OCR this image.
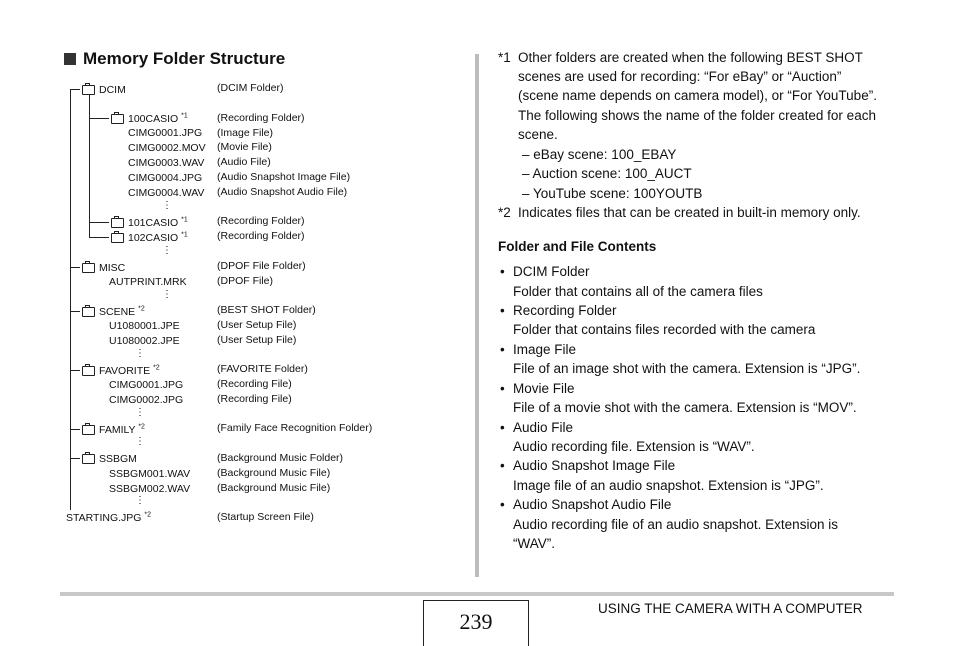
Memory Folder Structure
DCIM	(DCIM Folder)
100CASIO $^{*1}$	(Recording Folder)
CIMG0001.JPG (Image File)
CIMG0002.MOV (Movie File)
CIMG0003.WAV (Audio File)
CIMG0004.JPG (Audio Snapshot Image File)
CIMG0004.WAV (Audio Snapshot Audio File)
⋮
101CASIO $^{*1}$	(Recording Folder)
102CASIO $^{*1}$	(Recording Folder)
⋮
MISC	(DPOF File Folder)
AUTPRINT.MRK	(DPOF File)
⋮
SCENE $^{*2}$	(BEST SHOT Folder)
U1080001.JPE	(User Setup File)
U1080002.JPE	(User Setup File)
⋮
FAVORITE $^{*2}$	(FAVORITE Folder)
CIMG0001.JPG	(Recording File)
CIMG0002.JPG	(Recording File)
⋮
FAMILY $^{*2}$	(Family Face Recognition Folder)
⋮
SSBGM	(Background Music Folder)
SSBGM001.WAV	(Background Music File)
SSBGM002.WAV	(Background Music File)
⋮
STARTING.JPG $^{*2}$	(Startup Screen File)
*1 Other folders are created when the following BEST SHOT
scenes are used for recording: “For eBay” or “Auction”
(scene name depends on camera model), or “For YouTube”.
The following shows the name of the folder created for each
scene.
– eBay scene: 100_EBAY
– Auction scene: 100_AUCT
– YouTube scene: 100YOUTB
*2 Indicates files that can be created in built-in memory only.
Folder and File Contents
• DCIM Folder
Folder that contains all of the camera files
• Recording Folder
Folder that contains files recorded with the camera
• Image File
File of an image shot with the camera. Extension is “JPG”.
• Movie File
File of a movie shot with the camera. Extension is “MOV”.
• Audio File
Audio recording file. Extension is “WAV”.
• Audio Snapshot Image File
Image file of an audio snapshot. Extension is “JPG”.
• Audio Snapshot Audio File
Audio recording file of an audio snapshot. Extension is
“WAV”.
239
USING THE CAMERA WITH A COMPUTER
